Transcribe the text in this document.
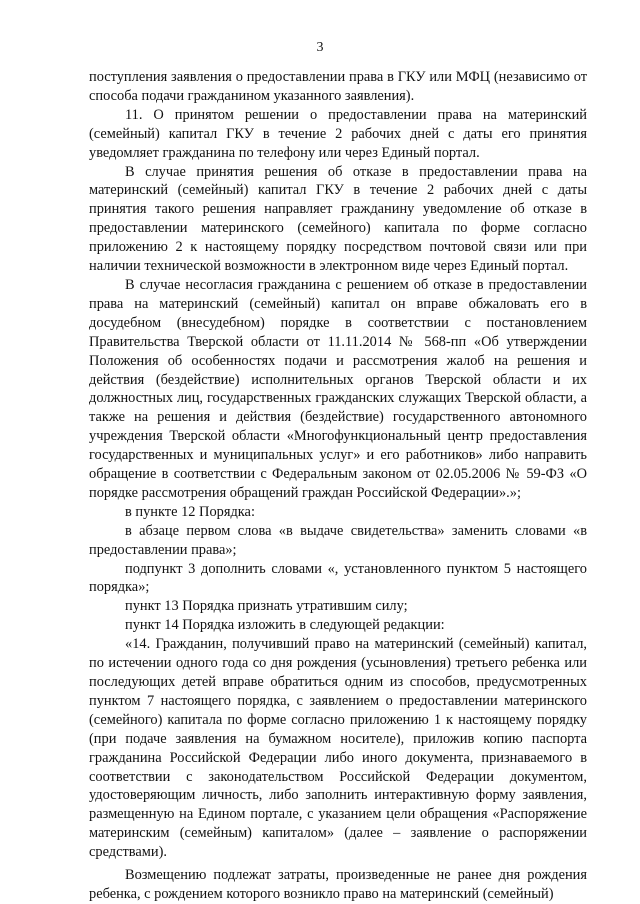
3

поступления заявления о предоставлении права в ГКУ или МФЦ (независимо от способа подачи гражданином указанного заявления).

11. О принятом решении о предоставлении права на материнский (семейный) капитал ГКУ в течение 2 рабочих дней с даты его принятия уведомляет гражданина по телефону или через Единый портал.

В случае принятия решения об отказе в предоставлении права на материнский (семейный) капитал ГКУ в течение 2 рабочих дней с даты принятия такого решения направляет гражданину уведомление об отказе в предоставлении материнского (семейного) капитала по форме согласно приложению 2 к настоящему порядку посредством почтовой связи или при наличии технической возможности в электронном виде через Единый портал.

В случае несогласия гражданина с решением об отказе в предоставлении права на материнский (семейный) капитал он вправе обжаловать его в досудебном (внесудебном) порядке в соответствии с постановлением Правительства Тверской области от 11.11.2014 № 568-пп «Об утверждении Положения об особенностях подачи и рассмотрения жалоб на решения и действия (бездействие) исполнительных органов Тверской области и их должностных лиц, государственных гражданских служащих Тверской области, а также на решения и действия (бездействие) государственного автономного учреждения Тверской области «Многофункциональный центр предоставления государственных и муниципальных услуг» и его работников» либо направить обращение в соответствии с Федеральным законом от 02.05.2006 № 59-ФЗ «О порядке рассмотрения обращений граждан Российской Федерации».»;

в пункте 12 Порядка:

в абзаце первом слова «в выдаче свидетельства» заменить словами «в предоставлении права»;

подпункт 3 дополнить словами «, установленного пунктом 5 настоящего порядка»;

пункт 13 Порядка признать утратившим силу;

пункт 14 Порядка изложить в следующей редакции:

«14. Гражданин, получивший право на материнский (семейный) капитал, по истечении одного года со дня рождения (усыновления) третьего ребенка или последующих детей вправе обратиться одним из способов, предусмотренных пунктом 7 настоящего порядка, с заявлением о предоставлении материнского (семейного) капитала по форме согласно приложению 1 к настоящему порядку (при подаче заявления на бумажном носителе), приложив копию паспорта гражданина Российской Федерации либо иного документа, признаваемого в соответствии с законодательством Российской Федерации документом, удостоверяющим личность, либо заполнить интерактивную форму заявления, размещенную на Едином портале, с указанием цели обращения «Распоряжение материнским (семейным) капиталом» (далее – заявление о распоряжении средствами).

Возмещению подлежат затраты, произведенные не ранее дня рождения ребенка, с рождением которого возникло право на материнский (семейный)
